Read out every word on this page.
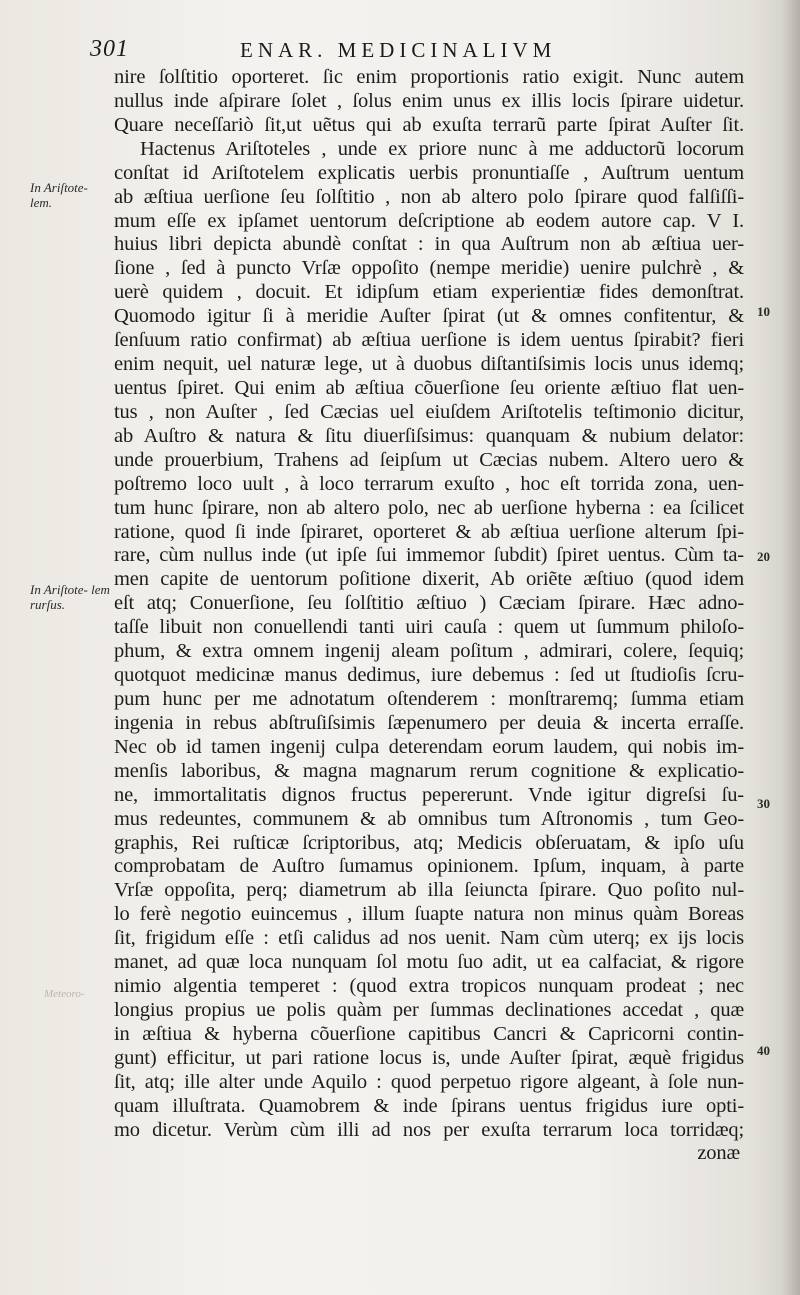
301	ENAR. MEDICINALIVM
nire ſolſtitio oporteret. ſic enim proportionis ratio exigit. Nunc autem
nullus inde aſpirare ſolet , ſolus enim unus ex illis locis ſpirare uidetur.
Quare neceſſariò ſit,ut uẽtus qui ab exuſta terrarũ parte ſpirat Auſter ſit.
Hactenus Ariſtoteles , unde ex priore nunc à me adductorũ locorum
conſtat id Ariſtotelem explicatis uerbis pronuntiaſſe , Auſtrum uentum
ab æſtiua uerſione ſeu ſolſtitio , non ab altero polo ſpirare quod falſiſſi-
mum eſſe ex ipſamet uentorum deſcriptione ab eodem autore cap. V I.
huius libri depicta abundè conſtat : in qua Auſtrum non ab æſtiua uer-
ſione , ſed à puncto Vrſæ oppoſito (nempe meridie) uenire pulchrè , &
uerè quidem , docuit. Et idipſum etiam experientiæ fides demonſtrat.
Quomodo igitur ſi à meridie Auſter ſpirat (ut & omnes confitentur, &
ſenſuum ratio confirmat) ab æſtiua uerſione is idem uentus ſpirabit? fieri
enim nequit, uel naturæ lege, ut à duobus diſtantiſsimis locis unus idemq;
uentus ſpiret. Qui enim ab æſtiua cõuerſione ſeu oriente æſtiuo flat uen-
tus , non Auſter , ſed Cæcias uel eiuſdem Ariſtotelis teſtimonio dicitur,
ab Auſtro & natura & ſitu diuerſiſsimus: quanquam & nubium delator:
unde prouerbium, Trahens ad ſeipſum ut Cæcias nubem. Altero uero &
poſtremo loco uult , à loco terrarum exuſto , hoc eſt torrida zona, uen-
tum hunc ſpirare, non ab altero polo, nec ab uerſione hyberna : ea ſcilicet
ratione, quod ſi inde ſpiraret, oporteret & ab æſtiua uerſione alterum ſpi-
rare, cùm nullus inde (ut ipſe ſui immemor ſubdit) ſpiret uentus. Cùm ta-
men capite de uentorum poſitione dixerit, Ab oriẽte æſtiuo (quod idem
eſt atq; Conuerſione, ſeu ſolſtitio æſtiuo ) Cæciam ſpirare. Hæc adno-
taſſe libuit non conuellendi tanti uiri cauſa : quem ut ſummum philoſo-
phum, & extra omnem ingenij aleam poſitum , admirari, colere, ſequiq;
quotquot medicinæ manus dedimus, iure debemus : ſed ut ſtudioſis ſcru-
pum hunc per me adnotatum oſtenderem : monſtraremq; ſumma etiam
ingenia in rebus abſtruſiſsimis ſæpenumero per deuia & incerta erraſſe.
Nec ob id tamen ingenij culpa deterendam eorum laudem, qui nobis im-
menſis laboribus, & magna magnarum rerum cognitione & explicatio-
ne, immortalitatis dignos fructus pepererunt. Vnde igitur digreſsi ſu-
mus redeuntes, communem & ab omnibus tum Aſtronomis , tum Geo-
graphis, Rei ruſticæ ſcriptoribus, atq; Medicis obſeruatam, & ipſo uſu
comprobatam de Auſtro ſumamus opinionem. Ipſum, inquam, à parte
Vrſæ oppoſita, perq; diametrum ab illa ſeiuncta ſpirare. Quo poſito nul-
lo ferè negotio euincemus , illum ſuapte natura non minus quàm Boreas
ſit, frigidum eſſe : etſi calidus ad nos uenit. Nam cùm uterq; ex ijs locis
manet, ad quæ loca nunquam ſol motu ſuo adit, ut ea calfaciat, & rigore
nimio algentia temperet : (quod extra tropicos nunquam prodeat ; nec
longius propius ue polis quàm per ſummas declinationes accedat , quæ
in æſtiua & hyberna cõuerſione capitibus Cancri & Capricorni contin-
gunt) efficitur, ut pari ratione locus is, unde Auſter ſpirat, æquè frigidus
ſit, atq; ille alter unde Aquilo : quod perpetuo rigore algeant, à ſole nun-
quam illuſtrata. Quamobrem & inde ſpirans uentus frigidus iure opti-
mo dicetur. Verùm cùm illi ad nos per exuſta terrarum loca torridæq;
zonæ
In Ariſtote- lem.
In Ariſtote- lem rurſus.
10
20
30
40
Meteoro-
